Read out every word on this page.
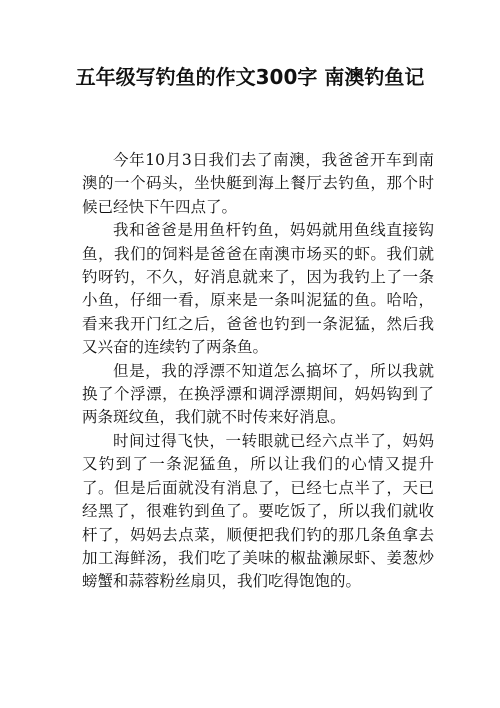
五年级写钓鱼的作文300字 南澳钓鱼记

今年10月3日我们去了南澳，我爸爸开车到南澳的一个码头，坐快艇到海上餐厅去钓鱼，那个时候已经快下午四点了。

我和爸爸是用鱼杆钓鱼，妈妈就用鱼线直接钩鱼，我们的饲料是爸爸在南澳市场买的虾。我们就钓呀钓，不久，好消息就来了，因为我钓上了一条小鱼，仔细一看，原来是一条叫泥猛的鱼。哈哈，看来我开门红之后，爸爸也钓到一条泥猛，然后我又兴奋的连续钓了两条鱼。

但是，我的浮漂不知道怎么搞坏了，所以我就换了个浮漂，在换浮漂和调浮漂期间，妈妈钩到了两条斑纹鱼，我们就不时传来好消息。

时间过得飞快，一转眼就已经六点半了，妈妈又钓到了一条泥猛鱼，所以让我们的心情又提升了。但是后面就没有消息了，已经七点半了，天已经黑了，很难钓到鱼了。要吃饭了，所以我们就收杆了，妈妈去点菜，顺便把我们钓的那几条鱼拿去加工海鲜汤，我们吃了美味的椒盐濑尿虾、姜葱炒螃蟹和蒜蓉粉丝扇贝，我们吃得饱饱的。
